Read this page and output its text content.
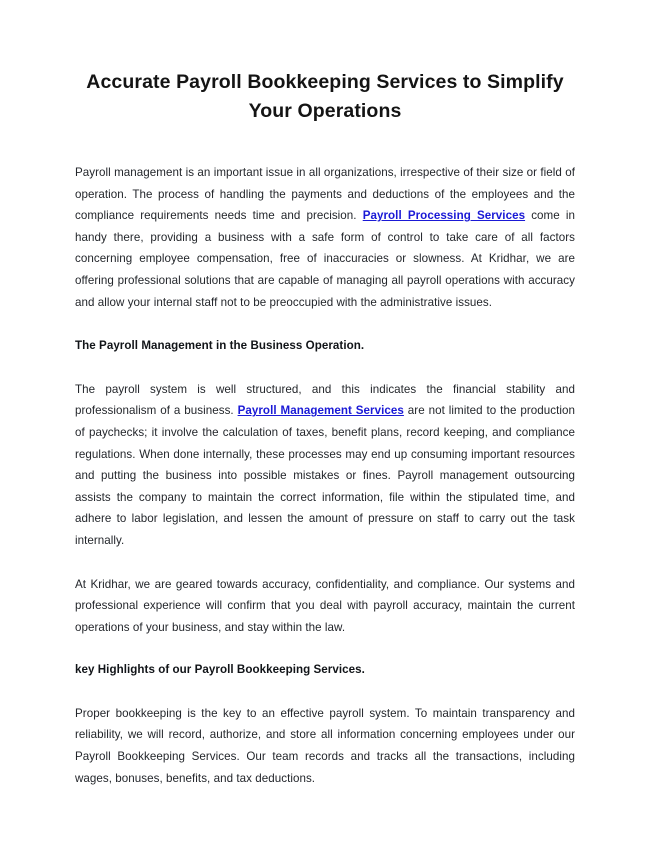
Accurate Payroll Bookkeeping Services to Simplify Your Operations

Payroll management is an important issue in all organizations, irrespective of their size or field of operation. The process of handling the payments and deductions of the employees and the compliance requirements needs time and precision. Payroll Processing Services come in handy there, providing a business with a safe form of control to take care of all factors concerning employee compensation, free of inaccuracies or slowness. At Kridhar, we are offering professional solutions that are capable of managing all payroll operations with accuracy and allow your internal staff not to be preoccupied with the administrative issues.

The Payroll Management in the Business Operation.

The payroll system is well structured, and this indicates the financial stability and professionalism of a business. Payroll Management Services are not limited to the production of paychecks; it involve the calculation of taxes, benefit plans, record keeping, and compliance regulations. When done internally, these processes may end up consuming important resources and putting the business into possible mistakes or fines. Payroll management outsourcing assists the company to maintain the correct information, file within the stipulated time, and adhere to labor legislation, and lessen the amount of pressure on staff to carry out the task internally.

At Kridhar, we are geared towards accuracy, confidentiality, and compliance. Our systems and professional experience will confirm that you deal with payroll accuracy, maintain the current operations of your business, and stay within the law.

key Highlights of our Payroll Bookkeeping Services.

Proper bookkeeping is the key to an effective payroll system. To maintain transparency and reliability, we will record, authorize, and store all information concerning employees under our Payroll Bookkeeping Services. Our team records and tracks all the transactions, including wages, bonuses, benefits, and tax deductions.
